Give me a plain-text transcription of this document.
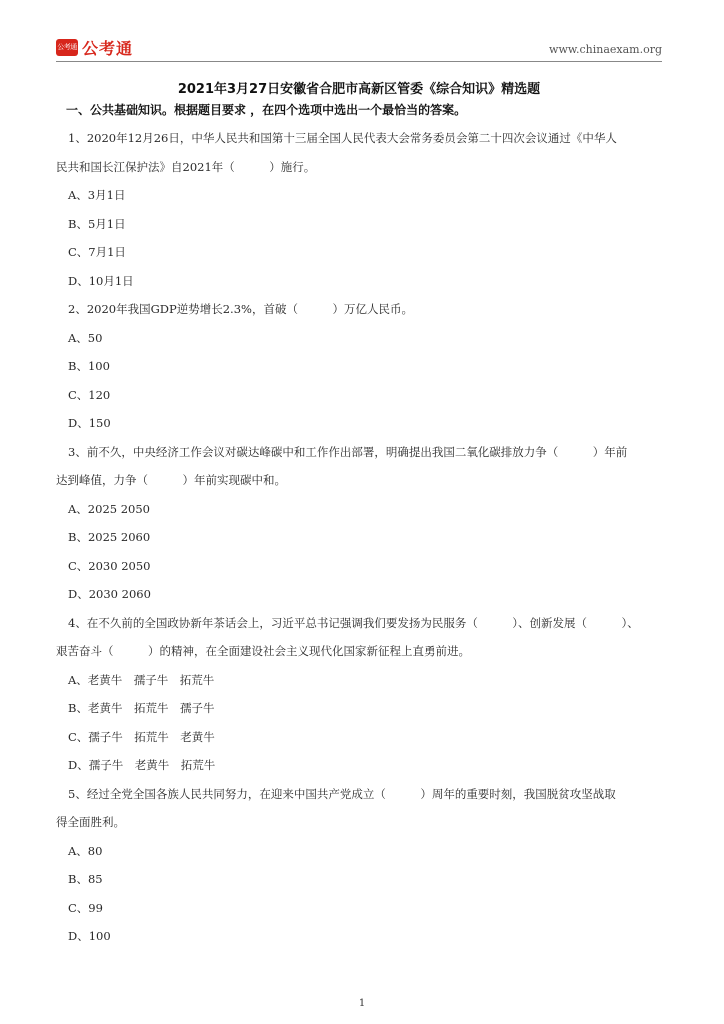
公考通 公考通	www.chinaexam.org
2021年3月27日安徽省合肥市高新区管委《综合知识》精选题
一、公共基础知识。根据题目要求 ，在四个选项中选出一个最恰当的答案。
1、2020年12月26日，中华人民共和国第十三届全国人民代表大会常务委员会第二十四次会议通过《中华人
民共和国长江保护法》自2021年（　　　）施行。
A、3月1日
B、5月1日
C、7月1日
D、10月1日
2、2020年我国GDP逆势增长2.3%，首破（　　　）万亿人民币。
A、50
B、100
C、120
D、150
3、前不久，中央经济工作会议对碳达峰碳中和工作作出部署，明确提出我国二氧化碳排放力争（　　　）年前
达到峰值，力争（　　　）年前实现碳中和。
A、2025 2050
B、2025 2060
C、2030 2050
D、2030 2060
4、在不久前的全国政协新年茶话会上，习近平总书记强调我们要发扬为民服务（　　　）、创新发展（　　　）、
艰苦奋斗（　　　）的精神，在全面建设社会主义现代化国家新征程上直勇前进。
A、老黄牛　孺子牛　拓荒牛
B、老黄牛　拓荒牛　孺子牛
C、孺子牛　拓荒牛　老黄牛
D、孺子牛　老黄牛　拓荒牛
5、经过全党全国各族人民共同努力，在迎来中国共产党成立（　　　）周年的重要时刻，我国脱贫攻坚战取
得全面胜利。
A、80
B、85
C、99
D、100
1
